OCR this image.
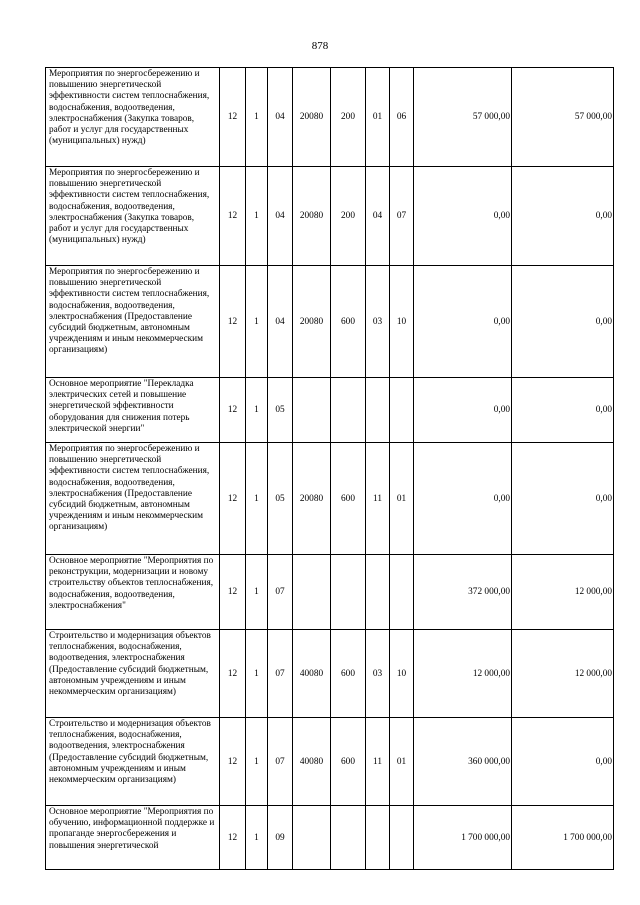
878
Мероприятия по энергосбережению и повышению энергетической эффективности систем теплоснабжения, водоснабжения, водоотведения, электроснабжения (Закупка товаров, работ и услуг для государственных (муниципальных) нужд)	12	1	04	20080	200	01	06	57 000,00	57 000,00
Мероприятия по энергосбережению и повышению энергетической эффективности систем теплоснабжения, водоснабжения, водоотведения, электроснабжения (Закупка товаров, работ и услуг для государственных (муниципальных) нужд)	12	1	04	20080	200	04	07	0,00	0,00
Мероприятия по энергосбережению и повышению энергетической эффективности систем теплоснабжения, водоснабжения, водоотведения, электроснабжения (Предоставление субсидий бюджетным, автономным учреждениям и иным некоммерческим организациям)	12	1	04	20080	600	03	10	0,00	0,00
Основное мероприятие "Перекладка электрических сетей и повышение энергетической эффективности оборудования для снижения потерь электрической энергии"	12	1	05					0,00	0,00
Мероприятия по энергосбережению и повышению энергетической эффективности систем теплоснабжения, водоснабжения, водоотведения, электроснабжения (Предоставление субсидий бюджетным, автономным учреждениям и иным некоммерческим организациям)	12	1	05	20080	600	11	01	0,00	0,00
Основное мероприятие "Мероприятия по реконструкции, модернизации и новому строительству объектов теплоснабжения, водоснабжения, водоотведения, электроснабжения"	12	1	07					372 000,00	12 000,00
Строительство и модернизация объектов теплоснабжения, водоснабжения, водоотведения, электроснабжения (Предоставление субсидий бюджетным, автономным учреждениям и иным некоммерческим организациям)	12	1	07	40080	600	03	10	12 000,00	12 000,00
Строительство и модернизация объектов теплоснабжения, водоснабжения, водоотведения, электроснабжения (Предоставление субсидий бюджетным, автономным учреждениям и иным некоммерческим организациям)	12	1	07	40080	600	11	01	360 000,00	0,00
Основное мероприятие "Мероприятия по обучению, информационной поддержке и пропаганде энергосбережения и повышения энергетической	12	1	09					1 700 000,00	1 700 000,00
